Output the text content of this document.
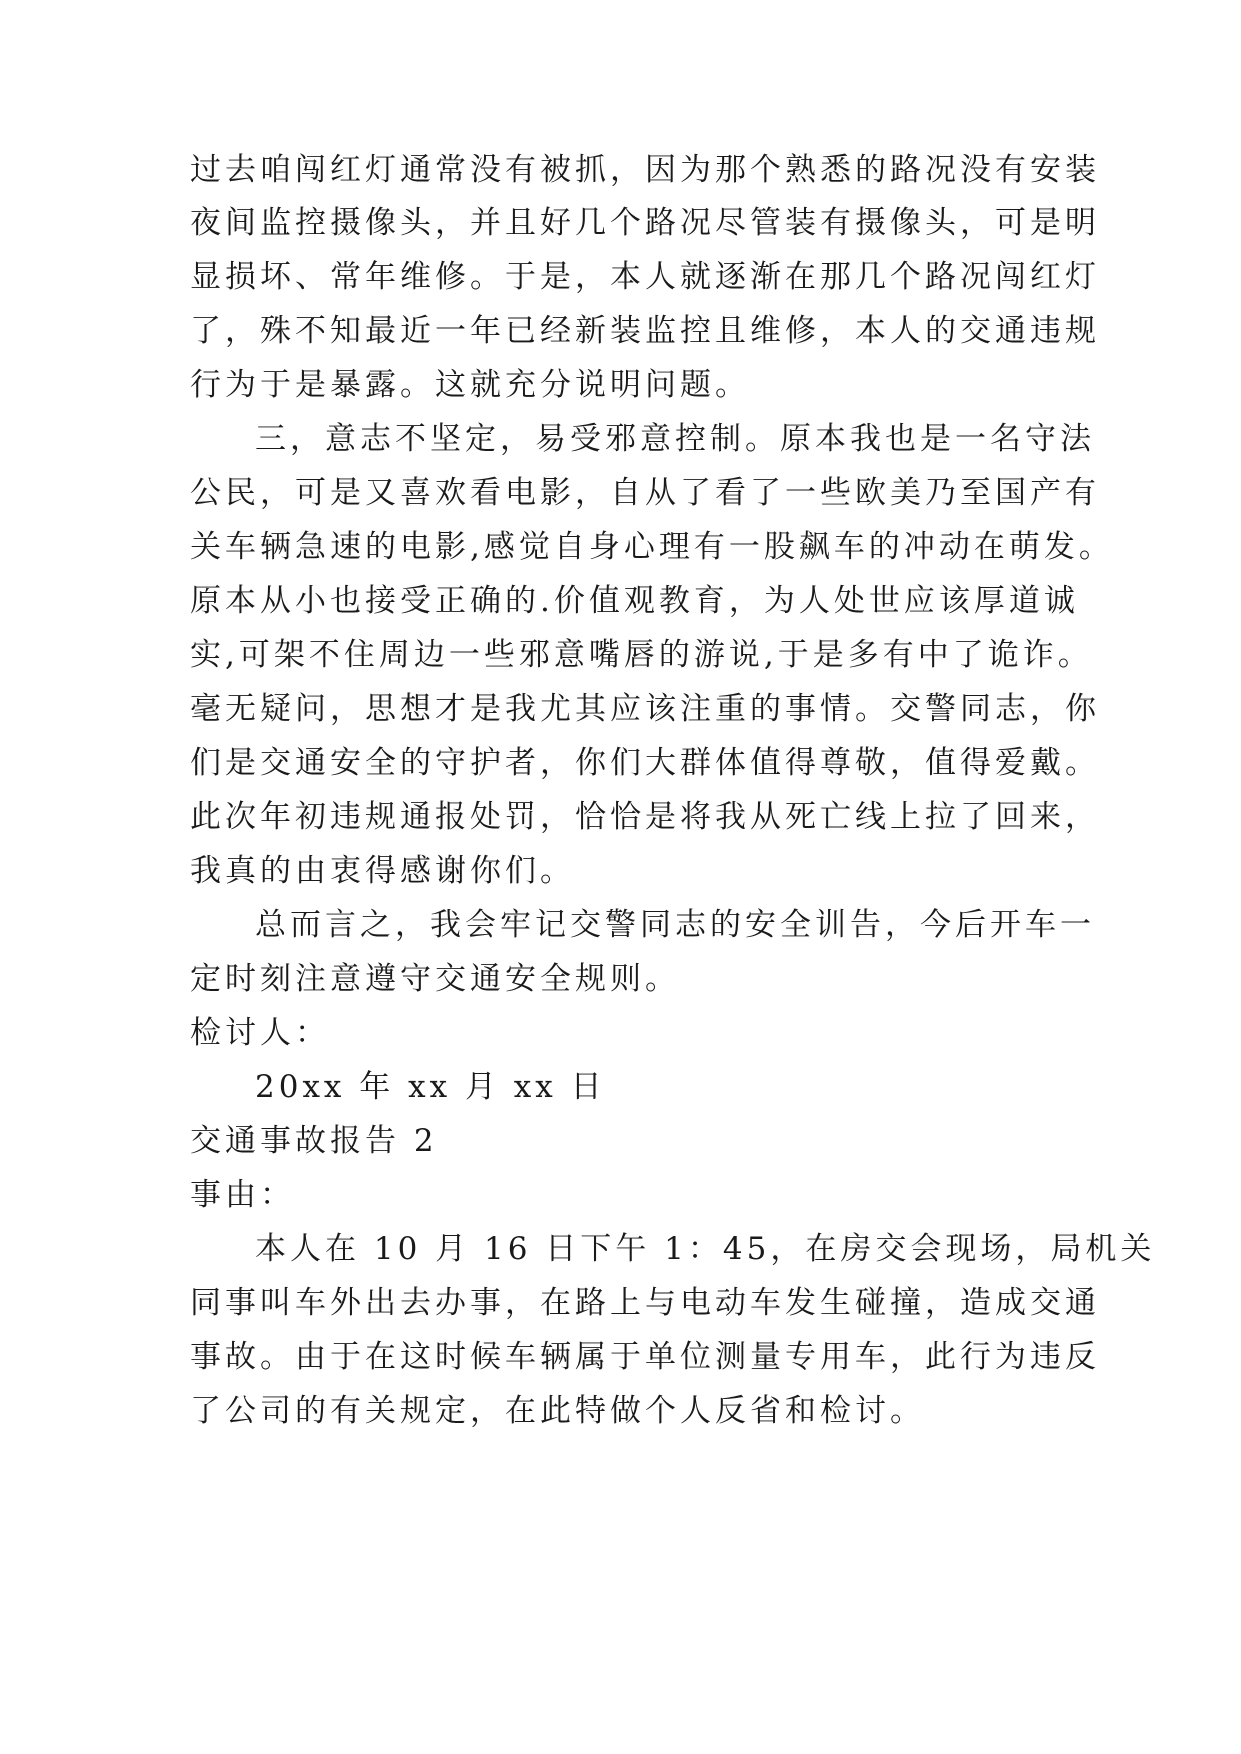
过去咱闯红灯通常没有被抓，因为那个熟悉的路况没有安装

夜间监控摄像头，并且好几个路况尽管装有摄像头，可是明

显损坏、常年维修。于是，本人就逐渐在那几个路况闯红灯

了，殊不知最近一年已经新装监控且维修，本人的交通违规

行为于是暴露。这就充分说明问题。

三，意志不坚定，易受邪意控制。原本我也是一名守法

公民，可是又喜欢看电影，自从了看了一些欧美乃至国产有

关车辆急速的电影,感觉自身心理有一股飙车的冲动在萌发。

原本从小也接受正确的.价值观教育，为人处世应该厚道诚

实,可架不住周边一些邪意嘴唇的游说,于是多有中了诡诈。

毫无疑问，思想才是我尤其应该注重的事情。交警同志，你

们是交通安全的守护者，你们大群体值得尊敬，值得爱戴。

此次年初违规通报处罚，恰恰是将我从死亡线上拉了回来，

我真的由衷得感谢你们。

总而言之，我会牢记交警同志的安全训告，今后开车一

定时刻注意遵守交通安全规则。

检讨人：

20xx 年 xx 月 xx 日

交通事故报告 2

事由：

本人在 10 月 16 日下午 1：45，在房交会现场，局机关

同事叫车外出去办事，在路上与电动车发生碰撞，造成交通

事故。由于在这时候车辆属于单位测量专用车，此行为违反

了公司的有关规定，在此特做个人反省和检讨。
